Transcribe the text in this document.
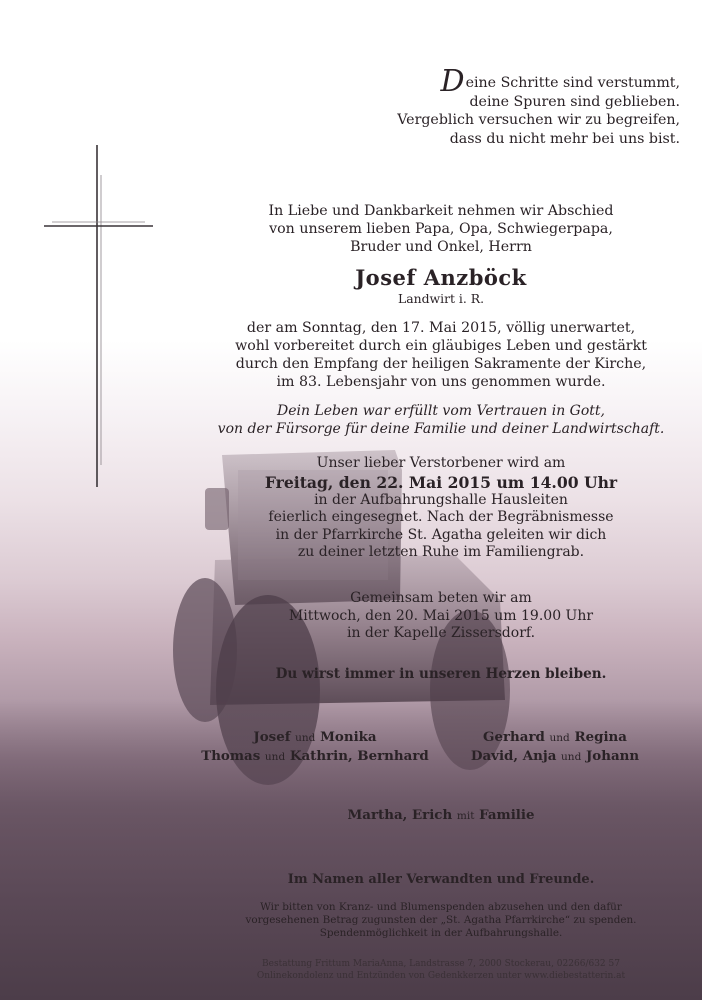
Deine Schritte sind verstummt,
deine Spuren sind geblieben.
Vergeblich versuchen wir zu begreifen,
dass du nicht mehr bei uns bist.
In Liebe und Dankbarkeit nehmen wir Abschied
von unserem lieben Papa, Opa, Schwiegerpapa,
Bruder und Onkel, Herrn
Josef Anzböck
Landwirt i. R.
der am Sonntag, den 17. Mai 2015, völlig unerwartet,
wohl vorbereitet durch ein gläubiges Leben und gestärkt
durch den Empfang der heiligen Sakramente der Kirche,
im 83. Lebensjahr von uns genommen wurde.
Dein Leben war erfüllt vom Vertrauen in Gott,
von der Fürsorge für deine Familie und deiner Landwirtschaft.
Unser lieber Verstorbener wird am
Freitag, den 22. Mai 2015 um 14.00 Uhr
in der Aufbahrungshalle Hausleiten
feierlich eingesegnet. Nach der Begräbnismesse
in der Pfarrkirche St. Agatha geleiten wir dich
zu deiner letzten Ruhe im Familiengrab.
Gemeinsam beten wir am
Mittwoch, den 20. Mai 2015 um 19.00 Uhr
in der Kapelle Zissersdorf.
Du wirst immer in unseren Herzen bleiben.
Josef und Monika
Thomas und Kathrin, Bernhard
Gerhard und Regina
David, Anja und Johann
Martha, Erich mit Familie
Im Namen aller Verwandten und Freunde.
Wir bitten von Kranz- und Blumenspenden abzusehen und den dafür
vorgesehenen Betrag zugunsten der „St. Agatha Pfarrkirche“ zu spenden.
Spendenmöglichkeit in der Aufbahrungshalle.
Bestattung Frittum MariaAnna, Landstrasse 7, 2000 Stockerau, 02266/632 57
Onlinekondolenz und Entzünden von Gedenkkerzen unter www.diebestatterin.at
